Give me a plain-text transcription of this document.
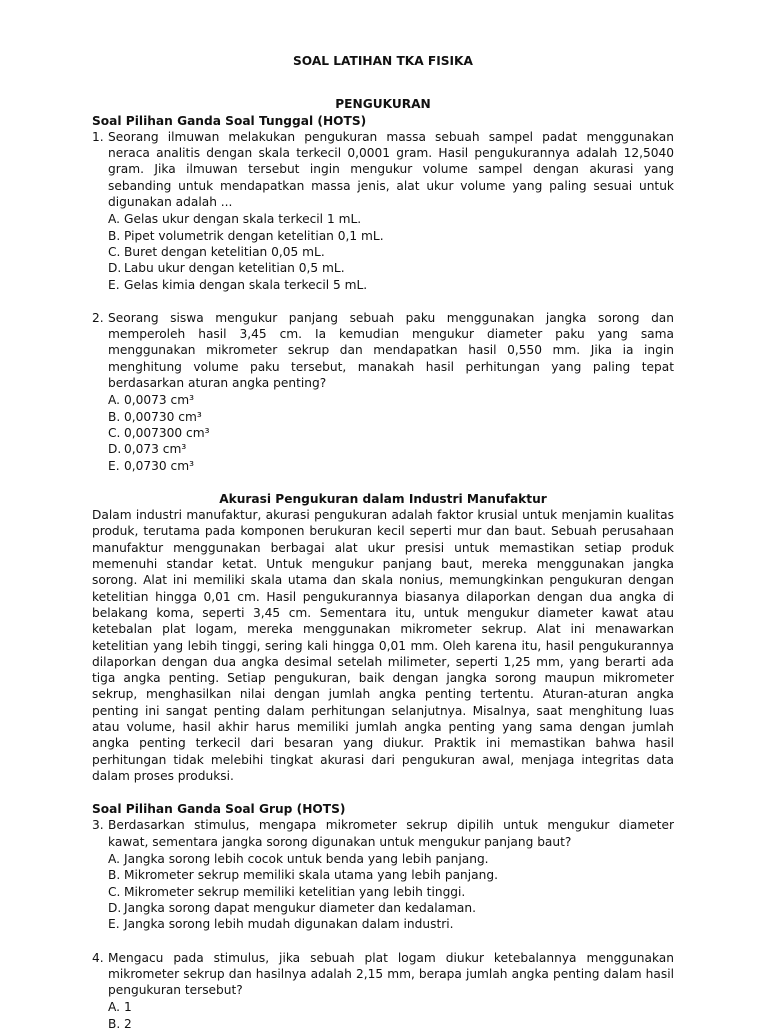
SOAL LATIHAN TKA FISIKA
PENGUKURAN
Soal Pilihan Ganda Soal Tunggal (HOTS)
1. Seorang ilmuwan melakukan pengukuran massa sebuah sampel padat menggunakan neraca analitis dengan skala terkecil 0,0001 gram. Hasil pengukurannya adalah 12,5040 gram. Jika ilmuwan tersebut ingin mengukur volume sampel dengan akurasi yang sebanding untuk mendapatkan massa jenis, alat ukur volume yang paling sesuai untuk digunakan adalah ...
A. Gelas ukur dengan skala terkecil 1 mL.
B. Pipet volumetrik dengan ketelitian 0,1 mL.
C. Buret dengan ketelitian 0,05 mL.
D. Labu ukur dengan ketelitian 0,5 mL.
E. Gelas kimia dengan skala terkecil 5 mL.
2. Seorang siswa mengukur panjang sebuah paku menggunakan jangka sorong dan memperoleh hasil 3,45 cm. Ia kemudian mengukur diameter paku yang sama menggunakan mikrometer sekrup dan mendapatkan hasil 0,550 mm. Jika ia ingin menghitung volume paku tersebut, manakah hasil perhitungan yang paling tepat berdasarkan aturan angka penting?
A. 0,0073 cm³
B. 0,00730 cm³
C. 0,007300 cm³
D. 0,073 cm³
E. 0,0730 cm³
Akurasi Pengukuran dalam Industri Manufaktur
Dalam industri manufaktur, akurasi pengukuran adalah faktor krusial untuk menjamin kualitas produk, terutama pada komponen berukuran kecil seperti mur dan baut. Sebuah perusahaan manufaktur menggunakan berbagai alat ukur presisi untuk memastikan setiap produk memenuhi standar ketat. Untuk mengukur panjang baut, mereka menggunakan jangka sorong. Alat ini memiliki skala utama dan skala nonius, memungkinkan pengukuran dengan ketelitian hingga 0,01 cm. Hasil pengukurannya biasanya dilaporkan dengan dua angka di belakang koma, seperti 3,45 cm. Sementara itu, untuk mengukur diameter kawat atau ketebalan plat logam, mereka menggunakan mikrometer sekrup. Alat ini menawarkan ketelitian yang lebih tinggi, sering kali hingga 0,01 mm. Oleh karena itu, hasil pengukurannya dilaporkan dengan dua angka desimal setelah milimeter, seperti 1,25 mm, yang berarti ada tiga angka penting. Setiap pengukuran, baik dengan jangka sorong maupun mikrometer sekrup, menghasilkan nilai dengan jumlah angka penting tertentu. Aturan-aturan angka penting ini sangat penting dalam perhitungan selanjutnya. Misalnya, saat menghitung luas atau volume, hasil akhir harus memiliki jumlah angka penting yang sama dengan jumlah angka penting terkecil dari besaran yang diukur. Praktik ini memastikan bahwa hasil perhitungan tidak melebihi tingkat akurasi dari pengukuran awal, menjaga integritas data dalam proses produksi.
Soal Pilihan Ganda Soal Grup (HOTS)
3. Berdasarkan stimulus, mengapa mikrometer sekrup dipilih untuk mengukur diameter kawat, sementara jangka sorong digunakan untuk mengukur panjang baut?
A. Jangka sorong lebih cocok untuk benda yang lebih panjang.
B. Mikrometer sekrup memiliki skala utama yang lebih panjang.
C. Mikrometer sekrup memiliki ketelitian yang lebih tinggi.
D. Jangka sorong dapat mengukur diameter dan kedalaman.
E. Jangka sorong lebih mudah digunakan dalam industri.
4. Mengacu pada stimulus, jika sebuah plat logam diukur ketebalannya menggunakan mikrometer sekrup dan hasilnya adalah 2,15 mm, berapa jumlah angka penting dalam hasil pengukuran tersebut?
A. 1
B. 2
